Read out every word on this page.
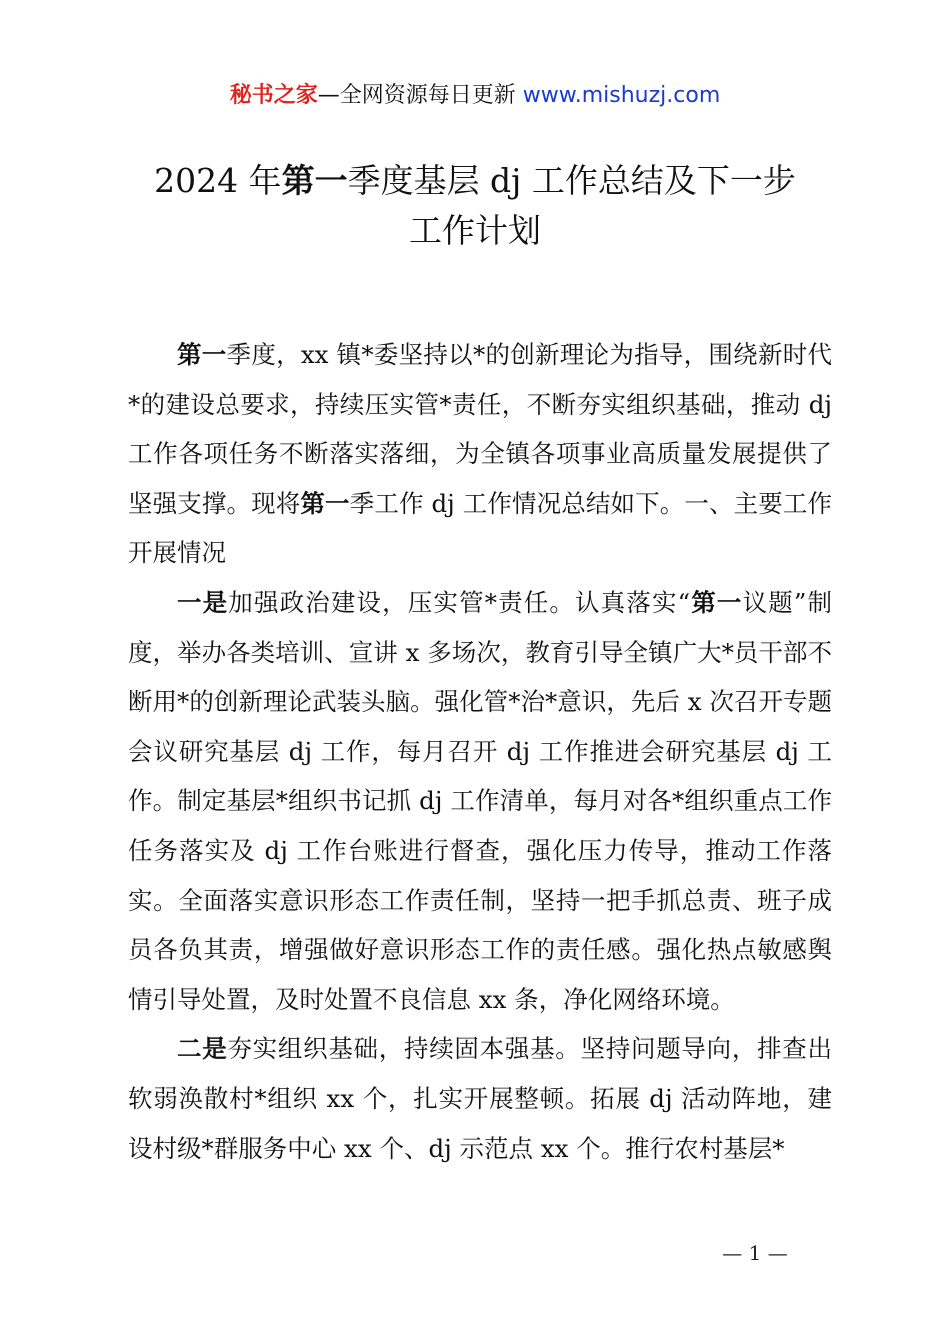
秘书之家—全网资源每日更新 www.mishuzj.com
2024 年第一季度基层 dj 工作总结及下一步
工作计划

第一季度，xx 镇*委坚持以*的创新理论为指导，围绕新时代*的建设总要求，持续压实管*责任，不断夯实组织基础，推动 dj 工作各项任务不断落实落细，为全镇各项事业高质量发展提供了坚强支撑。现将第一季工作 dj 工作情况总结如下。一、主要工作开展情况

一是加强政治建设，压实管*责任。认真落实“第一议题”制度，举办各类培训、宣讲 x 多场次，教育引导全镇广大*员干部不断用*的创新理论武装头脑。强化管*治*意识，先后 x 次召开专题会议研究基层 dj 工作，每月召开 dj 工作推进会研究基层 dj 工作。制定基层*组织书记抓 dj 工作清单，每月对各*组织重点工作任务落实及 dj 工作台账进行督查，强化压力传导，推动工作落实。全面落实意识形态工作责任制，坚持一把手抓总责、班子成员各负其责，增强做好意识形态工作的责任感。强化热点敏感舆情引导处置，及时处置不良信息 xx 条，净化网络环境。

二是夯实组织基础，持续固本强基。坚持问题导向，排查出软弱涣散村*组织 xx 个，扎实开展整顿。拓展 dj 活动阵地，建设村级*群服务中心 xx 个、dj 示范点 xx 个。推行农村基层*

— 1 —
